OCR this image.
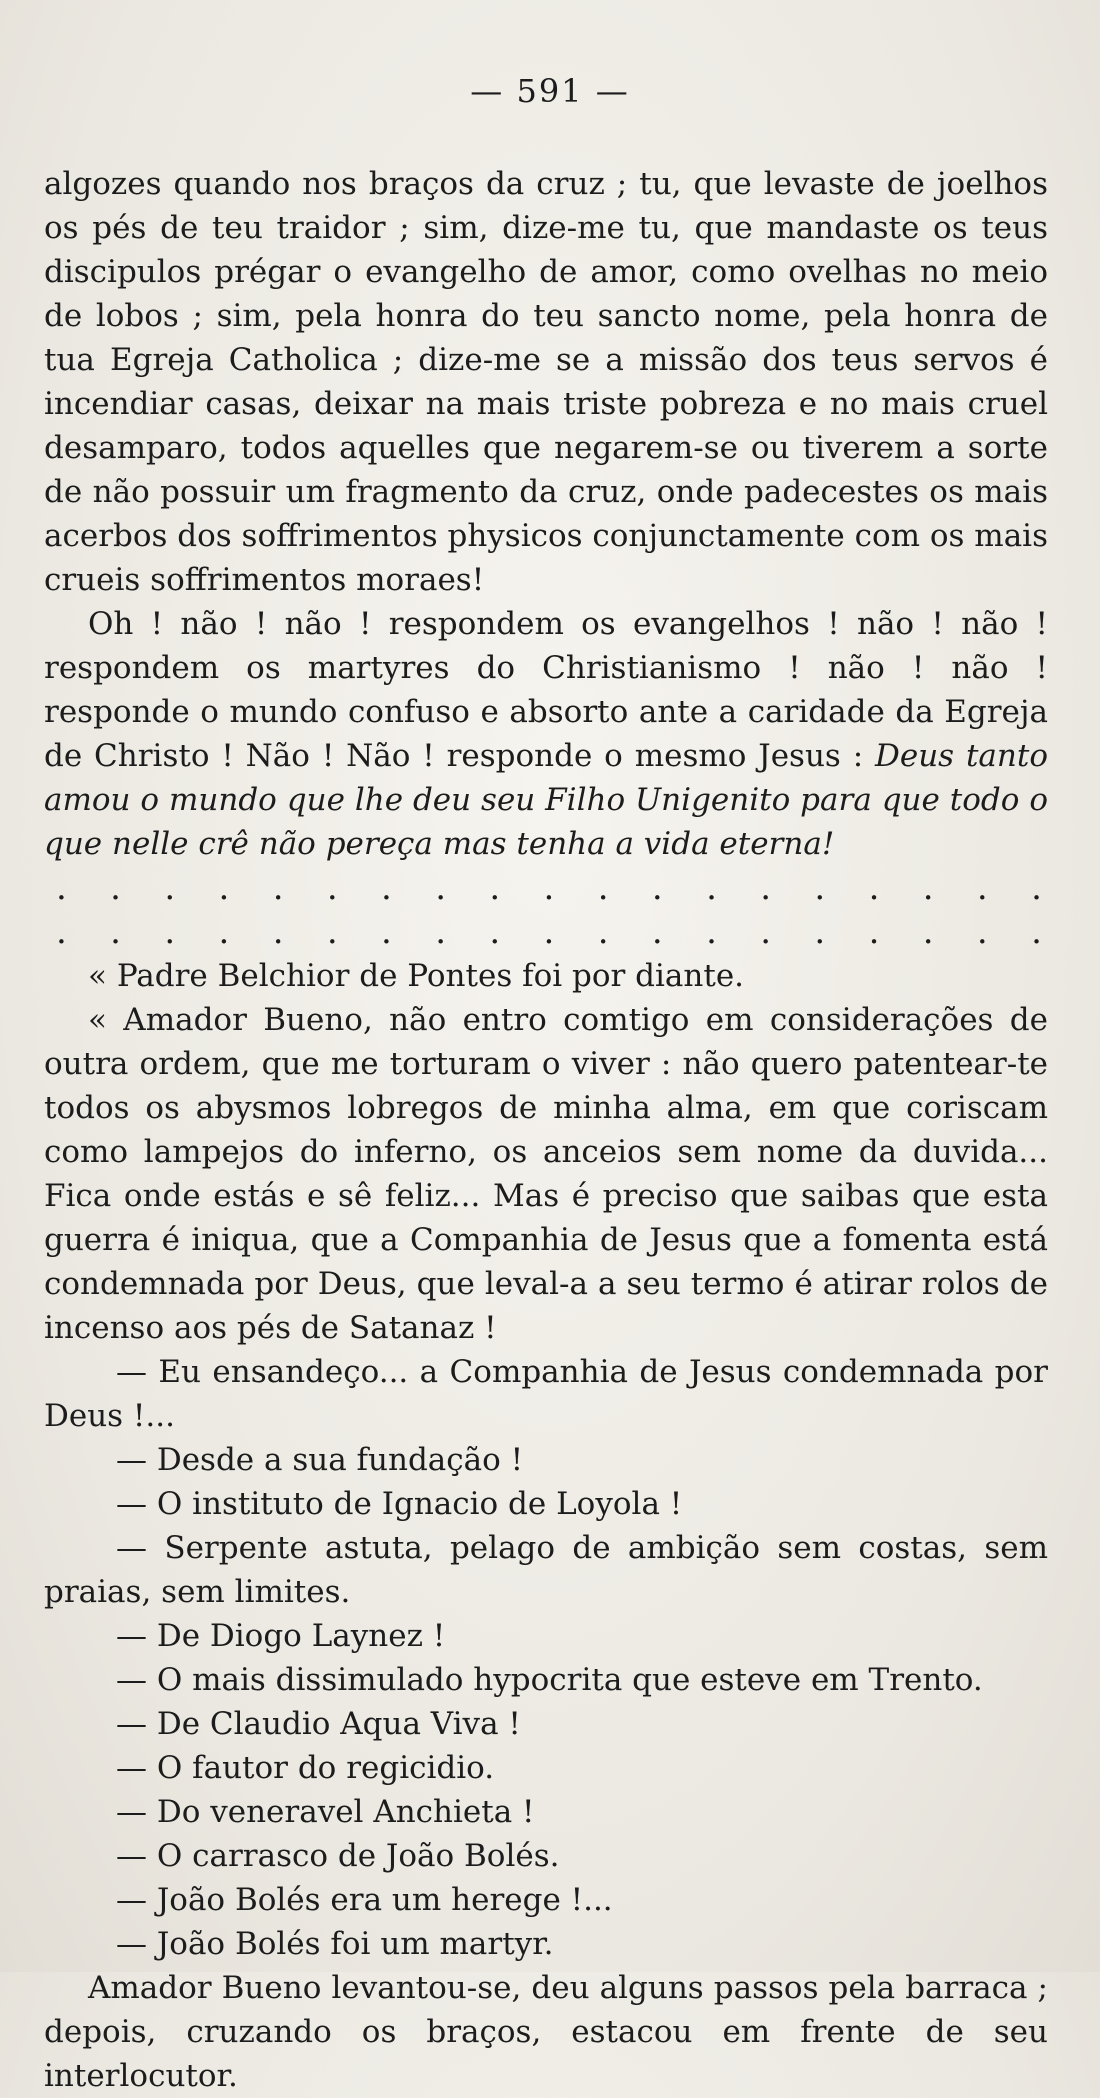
— 591 —

algozes quando nos braços da cruz ; tu, que levaste de joelhos os pés de teu traidor ; sim, dize-me tu, que mandaste os teus discipulos prégar o evangelho de amor, como ovelhas no meio de lobos ; sim, pela honra do teu sancto nome, pela honra de tua Egreja Catholica ; dize-me se a missão dos teus servos é incendiar casas, deixar na mais triste pobreza e no mais cruel desamparo, todos aquelles que negarem-se ou tiverem a sorte de não possuir um fragmento da cruz, onde padecestes os mais acerbos dos soffrimentos physicos conjunctamente com os mais crueis soffrimentos moraes!

Oh ! não ! não ! respondem os evangelhos ! não ! não ! respondem os martyres do Christianismo ! não ! não ! responde o mundo confuso e absorto ante a caridade da Egreja de Christo ! Não ! Não ! responde o mesmo Jesus : Deus tanto amou o mundo que lhe deu seu Filho Unigenito para que todo o que nelle crê não pereça mas tenha a vida eterna!

. . . . . . . . . . . . . . . . . . .
. . . . . . . . . . . . . . . . . . .

« Padre Belchior de Pontes foi por diante.

« Amador Bueno, não entro comtigo em considerações de outra ordem, que me torturam o viver : não quero patentear-te todos os abysmos lobregos de minha alma, em que coriscam como lampejos do inferno, os anceios sem nome da duvida... Fica onde estás e sê feliz... Mas é preciso que saibas que esta guerra é iniqua, que a Companhia de Jesus que a fomenta está condemnada por Deus, que leval-a a seu termo é atirar rolos de incenso aos pés de Satanaz !

— Eu ensandeço... a Companhia de Jesus condemnada por Deus !...

— Desde a sua fundação !

— O instituto de Ignacio de Loyola !

— Serpente astuta, pelago de ambição sem costas, sem praias, sem limites.

— De Diogo Laynez !

— O mais dissimulado hypocrita que esteve em Trento.

— De Claudio Aqua Viva !

— O fautor do regicidio.

— Do veneravel Anchieta !

— O carrasco de João Bolés.

— João Bolés era um herege !...

— João Bolés foi um martyr.

Amador Bueno levantou-se, deu alguns passos pela barraca ; depois, cruzando os braços, estacou em frente de seu interlocutor.
